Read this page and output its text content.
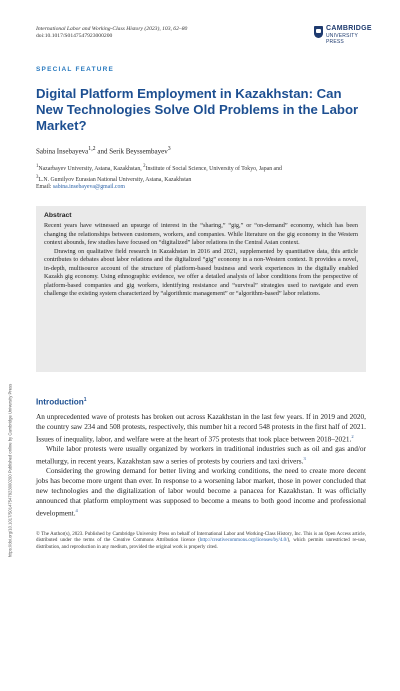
International Labor and Working-Class History (2023), 103, 62–80
doi:10.1017/S0147547923000200
CAMBRIDGE
UNIVERSITY PRESS
SPECIAL FEATURE
Digital Platform Employment in Kazakhstan: Can New Technologies Solve Old Problems in the Labor Market?
Sabina Insebayeva$^{1,2}$ and Serik Beyssembayev$^3$
$^1$Nazarbayev University, Astana, Kazakhstan, $^2$Institute of Social Science, University of Tokyo, Japan and
$^3$L.N. Gumilyov Eurasian National University, Astana, Kazakhstan
Email: sabina.insebayeva@gmail.com
Abstract

Recent years have witnessed an upsurge of interest in the “sharing,” “gig,” or “on-demand” economy, which has been changing the relationships between customers, workers, and companies. While literature on the gig economy in the Western context abounds, few studies have focused on “digitalized” labor relations in the Central Asian context.

Drawing on qualitative field research in Kazakhstan in 2016 and 2021, supplemented by quantitative data, this article contributes to debates about labor relations and the digitalized “gig” economy in a non-Western context. It provides a novel, in-depth, multisource account of the structure of platform-based business and work experiences in the digitally enabled Kazakh gig economy. Using ethnographic evidence, we offer a detailed analysis of labor conditions from the perspective of platform-based companies and gig workers, identifying resistance and “survival” strategies used to navigate and even challenge the existing system characterized by “algorithmic management” or “algorithm-based” labor relations.

https://doi.org/10.1017/S0147547923000200 Published online by Cambridge University Press	Introduction$^1$

An unprecedented wave of protests has broken out across Kazakhstan in the last few years. If in 2019 and 2020, the country saw 234 and 508 protests, respectively, this number hit a record 548 protests in the first half of 2021. Issues of inequality, labor, and welfare were at the heart of 375 protests that took place between 2018–2021.$^2$

While labor protests were usually organized by workers in traditional industries such as oil and gas and/or metallurgy, in recent years, Kazakhstan saw a series of protests by couriers and taxi drivers.$^3$

Considering the growing demand for better living and working conditions, the need to create more decent jobs has become more urgent than ever. In response to a worsening labor market, those in power concluded that new technologies and the digitalization of labor would become a panacea for Kazakhstan. It was officially announced that platform employment was supposed to become a means to both good income and professional development.$^4$

© The Author(s), 2023. Published by Cambridge University Press on behalf of International Labor and Working-Class History, Inc. This is an Open Access article, distributed under the terms of the Creative Commons Attribution licence (http://creativecommons.org/licenses/by/4.0/), which permits unrestricted re-use, distribution, and reproduction in any medium, provided the original work is properly cited.
